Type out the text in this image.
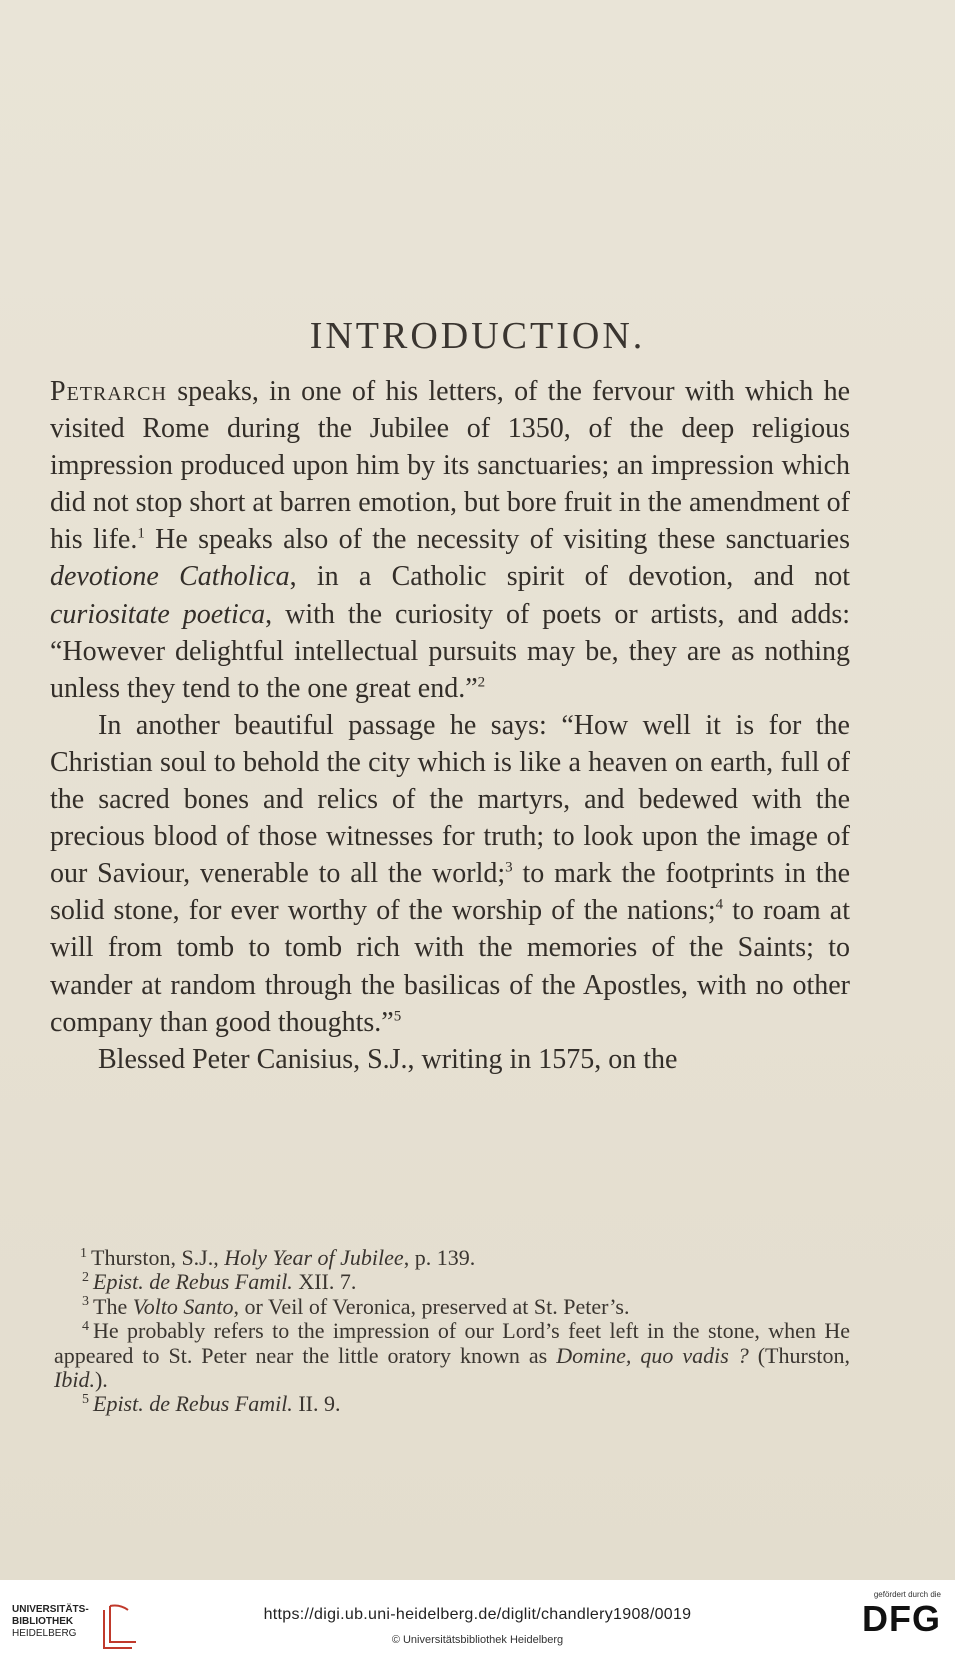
INTRODUCTION.

Petrarch speaks, in one of his letters, of the fervour with which he visited Rome during the Jubilee of 1350, of the deep religious impression produced upon him by its sanctuaries; an impression which did not stop short at barren emotion, but bore fruit in the amendment of his life.$^1$ He speaks also of the necessity of visiting these sanctuaries devotione Catholica, in a Catholic spirit of devotion, and not curiositate poetica, with the curiosity of poets or artists, and adds: “However delightful intellectual pursuits may be, they are as nothing unless they tend to the one great end.”$^2$

In another beautiful passage he says: “How well it is for the Christian soul to behold the city which is like a heaven on earth, full of the sacred bones and relics of the martyrs, and bedewed with the precious blood of those witnesses for truth; to look upon the image of our Saviour, venerable to all the world;$^3$ to mark the footprints in the solid stone, for ever worthy of the worship of the nations;$^4$ to roam at will from tomb to tomb rich with the memories of the Saints; to wander at random through the basilicas of the Apostles, with no other company than good thoughts.”$^5$

Blessed Peter Canisius, S.J., writing in 1575, on the

$^1$ Thurston, S.J., Holy Year of Jubilee, p. 139.

$^2$ Epist. de Rebus Famil. XII. 7.

$^3$ The Volto Santo, or Veil of Veronica, preserved at St. Peter’s.

$^4$ He probably refers to the impression of our Lord’s feet left in the stone, when He appeared to St. Peter near the little oratory known as Domine, quo vadis ? (Thurston, Ibid.).

$^5$ Epist. de Rebus Famil. II. 9.

UNIVERSITÄTS-
BIBLIOTHEK
HEIDELBERG
https://digi.ub.uni-heidelberg.de/diglit/chandlery1908/0019
© Universitätsbibliothek Heidelberg
gefördert durch die
DFG
